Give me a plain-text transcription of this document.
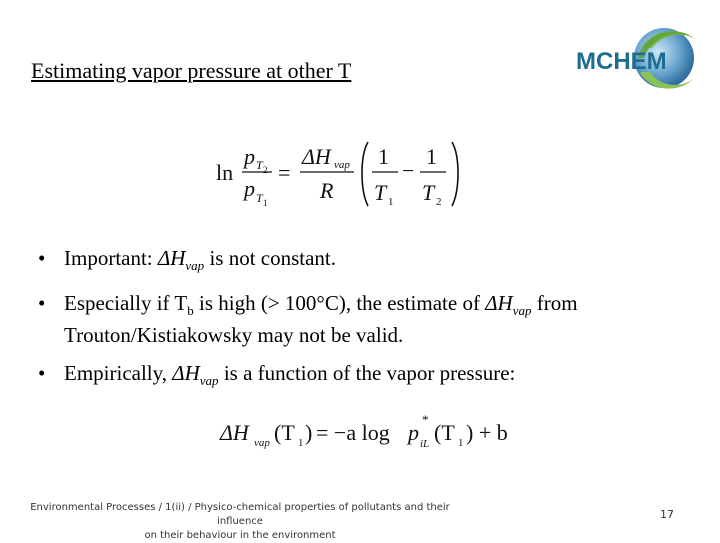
Estimating vapor pressure at other T	MCHEM
ln
p T 2
p T 1
=
ΔH vap
R
1
T 1
−
1
T 2
• Important: $\Delta H_{vap}$ is not constant.
• Especially if $T_b$ is high (> 100°C), the estimate of $\Delta H_{vap}$ from
Trouton/Kistiakowsky may not be valid.
• Empirically, $\Delta H_{vap}$ is a function of the vapor pressure:
ΔH vap (T 1 ) = −a log p
*
iL (T 1 ) + b
Environmental Processes / 1(ii) / Physico-chemical properties of pollutants and their influence
on their behaviour in the environment
17
